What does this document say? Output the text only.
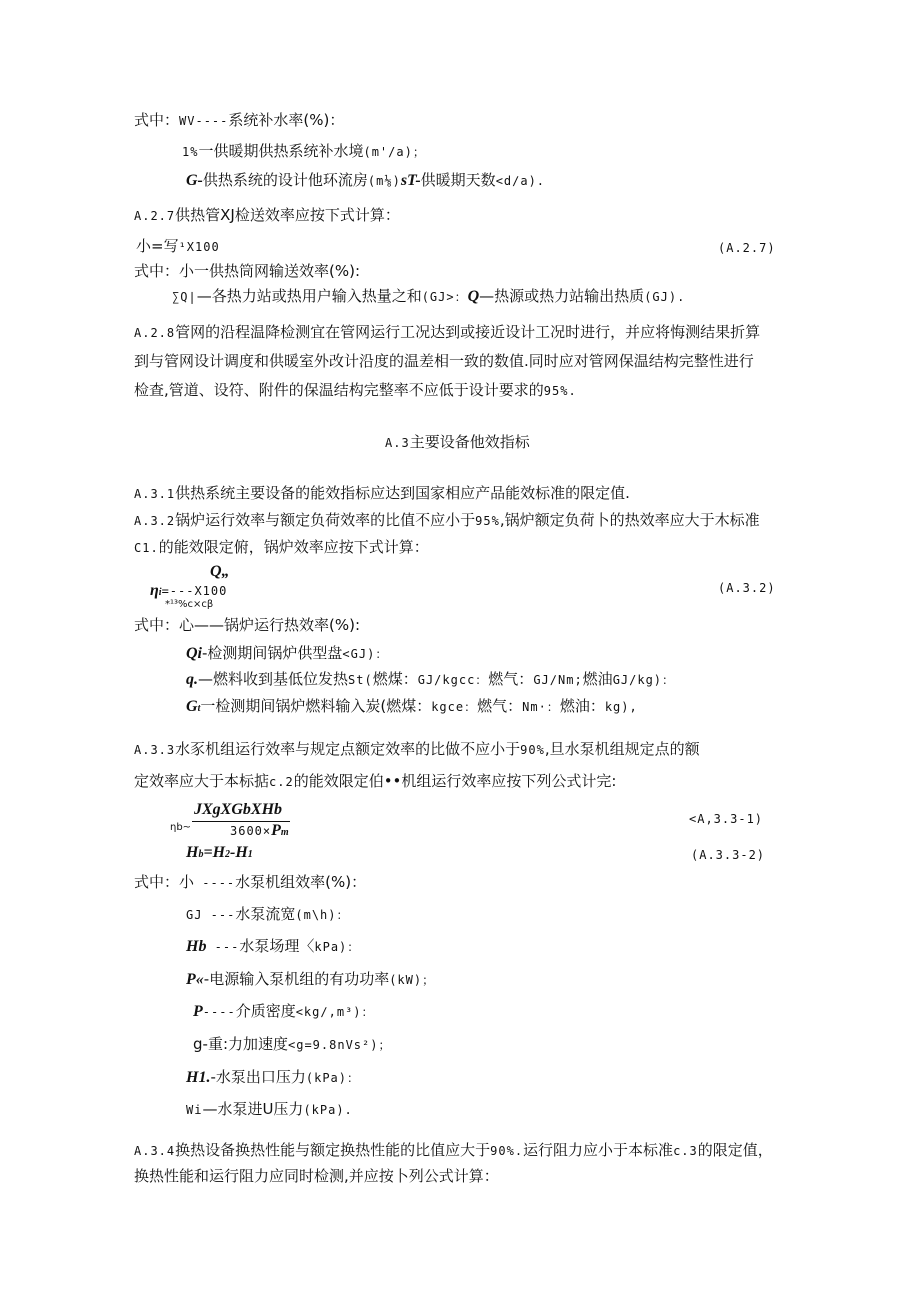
式中：WV----系统补水率(%)：
1%一供暖期供热系统补水境(m'/a)；
G-供热系统的设计他环流房(m⅛)sT-供暖期天数<d∕a).
A.2.7供热管XJ检送效率应按下式计算：
小=写¹X100	(A.2.7)
式中：小一供热筒网输送效率(%):
∑Q∣—各热力站或热用户输入热量之和(GJ>：Q—热源或热力站输出热质(GJ).
A.2.8管网的沿程温降检测宜在管网运行工况达到或接近设计工况时进行，并应将悔测结果折算
到与管网设计调度和供暖室外改计沿度的温差相一致的数值.同时应对管网保温结构完整性进行
检查,管道、设符、附件的保温结构完整率不应低于设计要求的95%.
A.3主要设备他效指标
A.3.1供热系统主要设备的能效指标应达到国家相应产品能效标准的限定值.
A.3.2锅炉运行效率与额定负荷效率的比值不应小于95%,锅炉额定负荷卜的热效率应大于木标准
C1.的能效限定俯，锅炉效率应按下式计算：
Q„
ηi=---X100
*¹³%c×cβ
(A.3.2)
式中：心——锅炉运行热效率(%):
Qi-检测期间锅炉供型盘<GJ)：
q.—燃料收到基低位发热St(燃煤：GJ/kgcc：燃气：GJ∕Nm;燃油GJ/kg)：
Gt一检测期间锅炉燃料输入炭(燃煤：kgce：燃气：Nm·：燃油：kg),
A.3.3水豕机组运行效率与规定点额定效率的比做不应小于90%,旦水泵机组规定点的额
定效率应大于本标掂c.2的能效限定伯••机组运行效率应按下列公式计完:
JXgXGbXHb
ηb~	3600×Pm
<A,3.3-1)
Hb=H2-H1	(A.3.3-2)
式中：小 ----水泵机组效率(%)：
GJ ---水泵流宽(m\h)：
Hb ---水泵场理〈kPa)：
P«-电源输入泵机组的有功功率(kW)；
P----介质密度<kg∕,m³)：
g-重:力加速度<g=9.8nVs²)；
H1.-水泵出口压力(kPa)：
Wi—水泵进U压力(kPa).
A.3.4换热设备换热性能与额定换热性能的比值应大于90%.运行阻力应小于本标准c.3的限定值，
换热性能和运行阻力应同时检测,并应按卜列公式计算：
